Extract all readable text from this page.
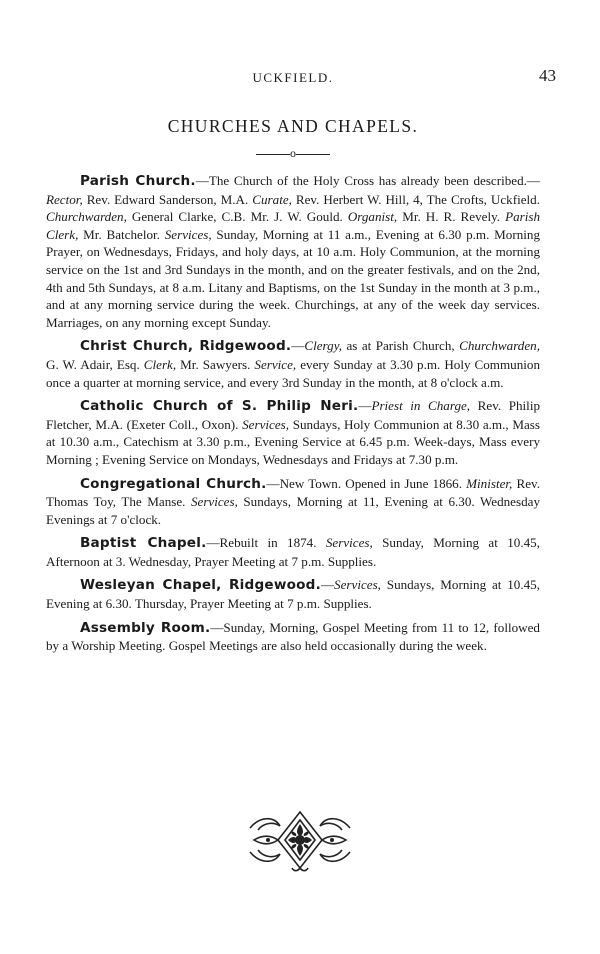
UCKFIELD.	43
CHURCHES AND CHAPELS.
o

Parish Church.—The Church of the Holy Cross has already been described.—Rector, Rev. Edward Sanderson, M.A. Curate, Rev. Herbert W. Hill, 4, The Crofts, Uckfield. Churchwarden, General Clarke, C.B. Mr. J. W. Gould. Organist, Mr. H. R. Revely. Parish Clerk, Mr. Batchelor. Services, Sunday, Morning at 11 a.m., Evening at 6.30 p.m. Morning Prayer, on Wednesdays, Fridays, and holy days, at 10 a.m. Holy Communion, at the morning service on the 1st and 3rd Sundays in the month, and on the greater festivals, and on the 2nd, 4th and 5th Sundays, at 8 a.m. Litany and Baptisms, on the 1st Sunday in the month at 3 p.m., and at any morning service during the week. Churchings, at any of the week day services. Marriages, on any morning except Sunday.

Christ Church, Ridgewood.—Clergy, as at Parish Church, Churchwarden, G. W. Adair, Esq. Clerk, Mr. Sawyers. Service, every Sunday at 3.30 p.m. Holy Communion once a quarter at morning service, and every 3rd Sunday in the month, at 8 o'clock a.m.

Catholic Church of S. Philip Neri.—Priest in Charge, Rev. Philip Fletcher, M.A. (Exeter Coll., Oxon). Services, Sundays, Holy Communion at 8.30 a.m., Mass at 10.30 a.m., Catechism at 3.30 p.m., Evening Service at 6.45 p.m. Week-days, Mass every Morning ; Evening Service on Mondays, Wednesdays and Fridays at 7.30 p.m.

Congregational Church.—New Town. Opened in June 1866. Minister, Rev. Thomas Toy, The Manse. Services, Sundays, Morning at 11, Evening at 6.30. Wednesday Evenings at 7 o'clock.

Baptist Chapel.—Rebuilt in 1874. Services, Sunday, Morning at 10.45, Afternoon at 3. Wednesday, Prayer Meeting at 7 p.m. Supplies.

Wesleyan Chapel, Ridgewood.—Services, Sundays, Morning at 10.45, Evening at 6.30. Thursday, Prayer Meeting at 7 p.m. Supplies.

Assembly Room.—Sunday, Morning, Gospel Meeting from 11 to 12, followed by a Worship Meeting. Gospel Meetings are also held occasionally during the week.
